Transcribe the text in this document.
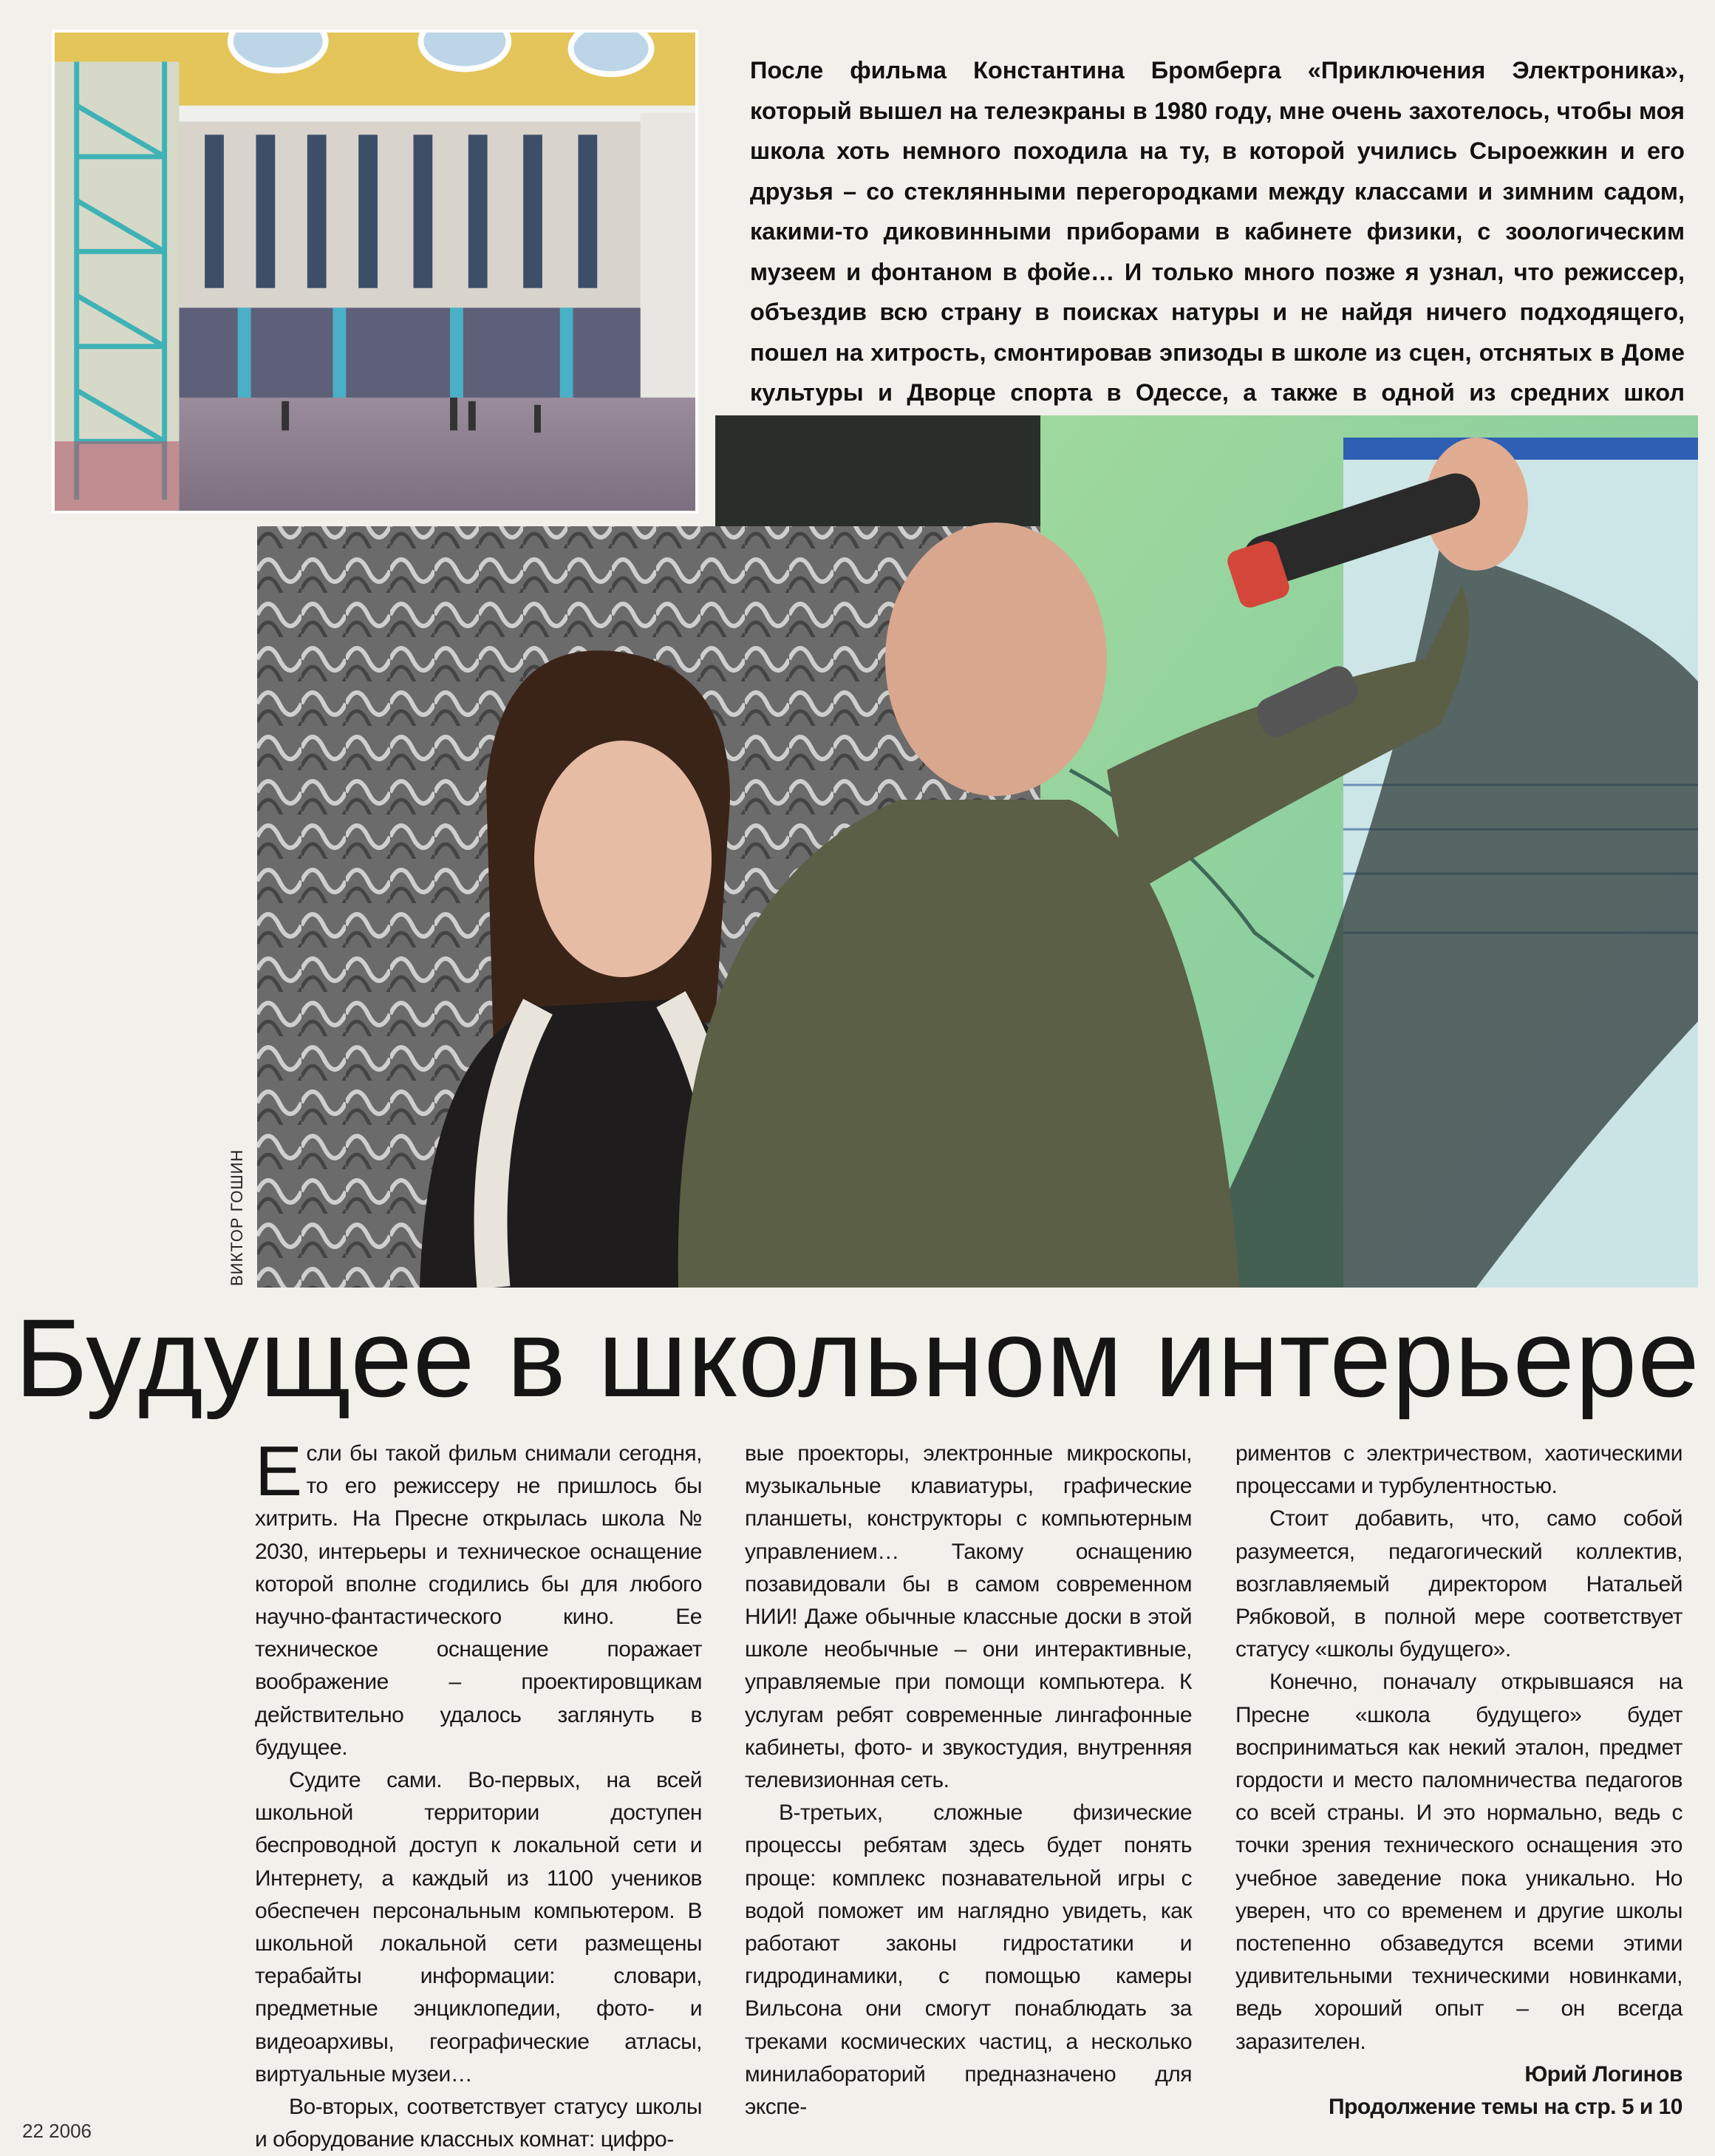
После фильма Константина Бромберга «Приключения Электроника», который вышел на телеэкраны в 1980 году, мне очень захотелось, чтобы моя школа хоть немного походила на ту, в которой учились Сыроежкин и его друзья – со стеклянными перегородками между классами и зимним садом, какими-то диковинными приборами в кабинете физики, с зоологическим музеем и фонтаном в фойе… И только много позже я узнал, что режиссер, объездив всю страну в поисках натуры и не найдя ничего подходящего, пошел на хитрость, смонтировав эпизоды в школе из сцен, отснятых в Доме культуры и Дворце спорта в Одессе, а также в одной из средних школ
ВИКТОР ГОШИН
Будущее в школьном интерьере

Если бы такой фильм снимали сегодня, то его режиссеру не пришлось бы хитрить. На Пресне открылась школа № 2030, интерьеры и техническое оснащение которой вполне сгодились бы для любого научно-фантастического кино. Ее техническое оснащение поражает воображение – проектировщикам действительно удалось заглянуть в будущее.

Судите сами. Во-первых, на всей школьной территории доступен беспроводной доступ к локальной сети и Интернету, а каждый из 1100 учеников обеспечен персональным компьютером. В школьной локальной сети размещены терабайты информации: словари, предметные энциклопедии, фото- и видеоархивы, географические атласы, виртуальные музеи…

Во-вторых, соответствует статусу школы и оборудование классных комнат: цифро-

вые проекторы, электронные микроскопы, музыкальные клавиатуры, графические планшеты, конструкторы с компьютерным управлением… Такому оснащению позавидовали бы в самом современном НИИ! Даже обычные классные доски в этой школе необычные – они интерактивные, управляемые при помощи компьютера. К услугам ребят современные лингафонные кабинеты, фото- и звукостудия, внутренняя телевизионная сеть.

В-третьих, сложные физические процессы ребятам здесь будет понять проще: комплекс познавательной игры с водой поможет им наглядно увидеть, как работают законы гидростатики и гидродинамики, с помощью камеры Вильсона они смогут понаблюдать за треками космических частиц, а несколько минилабораторий предназначено для экспе-

риментов с электричеством, хаотическими процессами и турбулентностью.

Стоит добавить, что, само собой разумеется, педагогический коллектив, возглавляемый директором Натальей Рябковой, в полной мере соответствует статусу «школы будущего».

Конечно, поначалу открывшаяся на Пресне «школа будущего» будет восприниматься как некий эталон, предмет гордости и место паломничества педагогов со всей страны. И это нормально, ведь с точки зрения технического оснащения это учебное заведение пока уникально. Но уверен, что со временем и другие школы постепенно обзаведутся всеми этими удивительными техническими новинками, ведь хороший опыт – он всегда заразителен.

Юрий Логинов

Продолжение темы на стр. 5 и 10

22 2006
